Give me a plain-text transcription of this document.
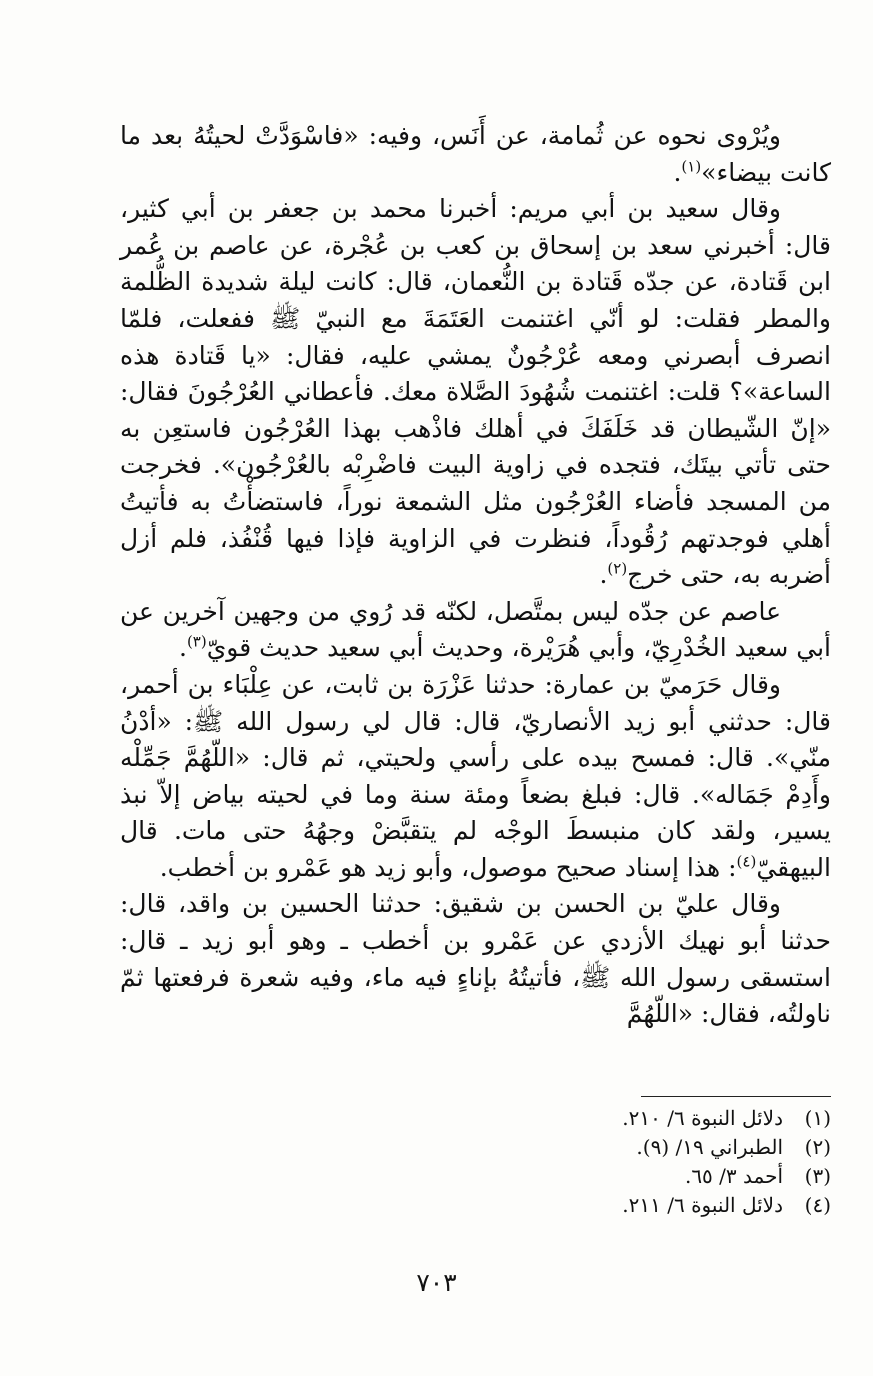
ويُرْوى نحوه عن ثُمامة، عن أَنَس، وفيه: «فاسْوَدَّتْ لحيتُهُ بعد ما كانت بيضاء»$^{(١)}$.

وقال سعيد بن أبي مريم: أخبرنا محمد بن جعفر بن أبي كثير، قال: أخبرني سعد بن إسحاق بن كعب بن عُجْرة، عن عاصم بن عُمر ابن قَتادة، عن جدّه قَتادة بن النُّعمان، قال: كانت ليلة شديدة الظُّلمة والمطر فقلت: لو أنّي اغتنمت العَتَمَةَ مع النبيّ ﷺ ففعلت، فلمّا انصرف أبصرني ومعه عُرْجُونٌ يمشي عليه، فقال: «يا قَتادة هذه الساعة»؟ قلت: اغتنمت شُهُودَ الصَّلاة معك. فأعطاني العُرْجُونَ فقال: «إنّ الشّيطان قد خَلَفَكَ في أهلك فاذْهب بهذا العُرْجُون فاستعِن به حتى تأتي بيتَك، فتجده في زاوية البيت فاضْرِبْه بالعُرْجُون». فخرجت من المسجد فأضاء العُرْجُون مثل الشمعة نوراً، فاستضأْتُ به فأتيتُ أهلي فوجدتهم رُقُوداً، فنظرت في الزاوية فإذا فيها قُنْفُذ، فلم أزل أضربه به، حتى خرج$^{(٢)}$.

عاصم عن جدّه ليس بمتَّصل، لكنّه قد رُوي من وجهين آخرين عن أبي سعيد الخُدْرِيّ، وأبي هُرَيْرة، وحديث أبي سعيد حديث قويّ$^{(٣)}$.

وقال حَرَميّ بن عمارة: حدثنا عَزْرَة بن ثابت، عن عِلْبَاء بن أحمر، قال: حدثني أبو زيد الأنصاريّ، قال: قال لي رسول الله ﷺ: «أدْنُ منّي». قال: فمسح بيده على رأسي ولحيتي، ثم قال: «اللّهُمَّ جَمِّلْه وأَدِمْ جَمَاله». قال: فبلغ بضعاً ومئة سنة وما في لحيته بياض إلاّ نبذ يسير، ولقد كان منبسطَ الوجْه لم يتقبَّضْ وجهُهُ حتى مات. قال البيهقيّ$^{(٤)}$: هذا إسناد صحيح موصول، وأبو زيد هو عَمْرو بن أخطب.

وقال عليّ بن الحسن بن شقيق: حدثنا الحسين بن واقد، قال: حدثنا أبو نهيك الأزدي عن عَمْرو بن أخطب ـ وهو أبو زيد ـ قال: استسقى رسول الله ﷺ، فأتيتُهُ بإناءٍ فيه ماء، وفيه شعرة فرفعتها ثمّ ناولتُه، فقال: «اللّهُمَّ

(١)
دلائل النبوة ٦/ ٢١٠.
(٢)
الطبراني ١٩/ (٩).
(٣)
أحمد ٣/ ٦٥.
(٤)
دلائل النبوة ٦/ ٢١١.
٧٠٣
